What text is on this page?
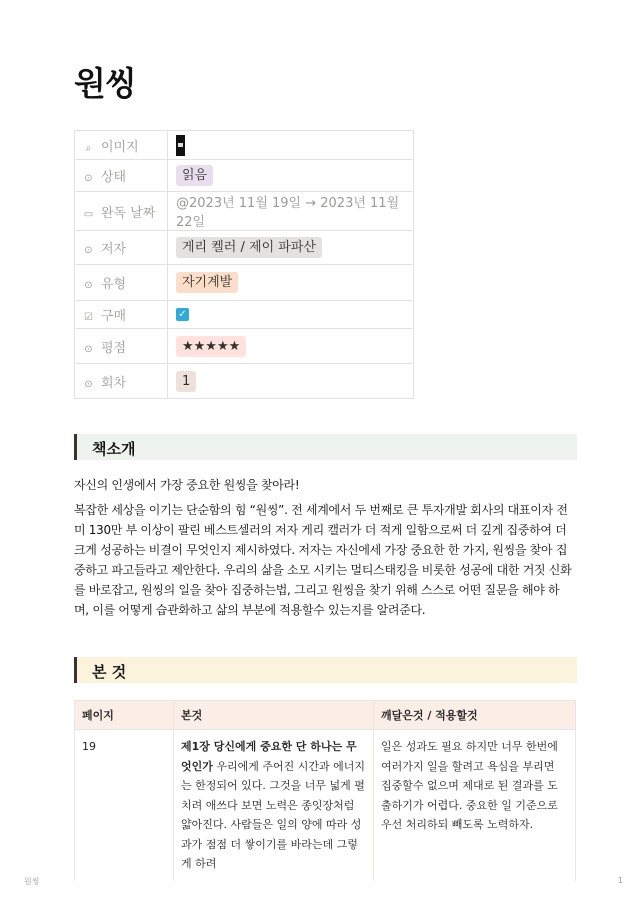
원씽
⌕ 이미지	
⊙ 상태	읽음
▭ 완독 날짜	@2023년 11월 19일 → 2023년 11월 22일
⊙ 저자	게리 켈러 / 제이 파파산
⊙ 유형	자기계발
☑ 구매	✓
⊙ 평점	★★★★★
⊙ 회차	1
책소개
자신의 인생에서 가장 중요한 원씽을 찾아라!
복잡한 세상을 이기는 단순함의 힘 “원씽”. 전 세계에서 두 번째로 큰 투자개발 회사의 대표이자 전미 130만 부 이상이 팔린 베스트셀러의 저자 게리 캘러가 더 적게 일함으로써 더 깊게 집중하여 더 크게 성공하는 비결이 무엇인지 제시하였다. 저자는 자신에세 가장 중요한 한 가지, 원씽을 찾아 집중하고 파고들라고 제안한다. 우리의 삶을 소모 시키는 멀티스태킹을 비롯한 성공에 대한 거짓 신화를 바로잡고, 원씽의 일을 찾아 집중하는법, 그리고 원씽을 찾기 위해 스스로 어떤 질문을 해야 하며, 이를 어떻게 습관화하고 삶의 부분에 적용할수 있는지를 알려준다.
본 것
페이지	본것	깨달은것 / 적용할것
19	제1장 당신에게 중요한 단 하나는 무엇인가 우리에게 주어진 시간과 에너지는 한정되어 있다. 그것을 너무 넓게 펼치려 애쓰다 보면 노력은 종잇장처럼 얇아진다. 사람들은 일의 양에 따라 성과가 점점 더 쌓이기를 바라는데 그렇게 하려	일은 성과도 필요 하지만 너무 한번에 여러가지 일을 할려고 욕심을 부리면 집중할수 없으며 제대로 된 결과를 도출하기가 어렵다. 중요한 일 기준으로 우선 처리하되 빼도록 노력하자.
원씽	1
